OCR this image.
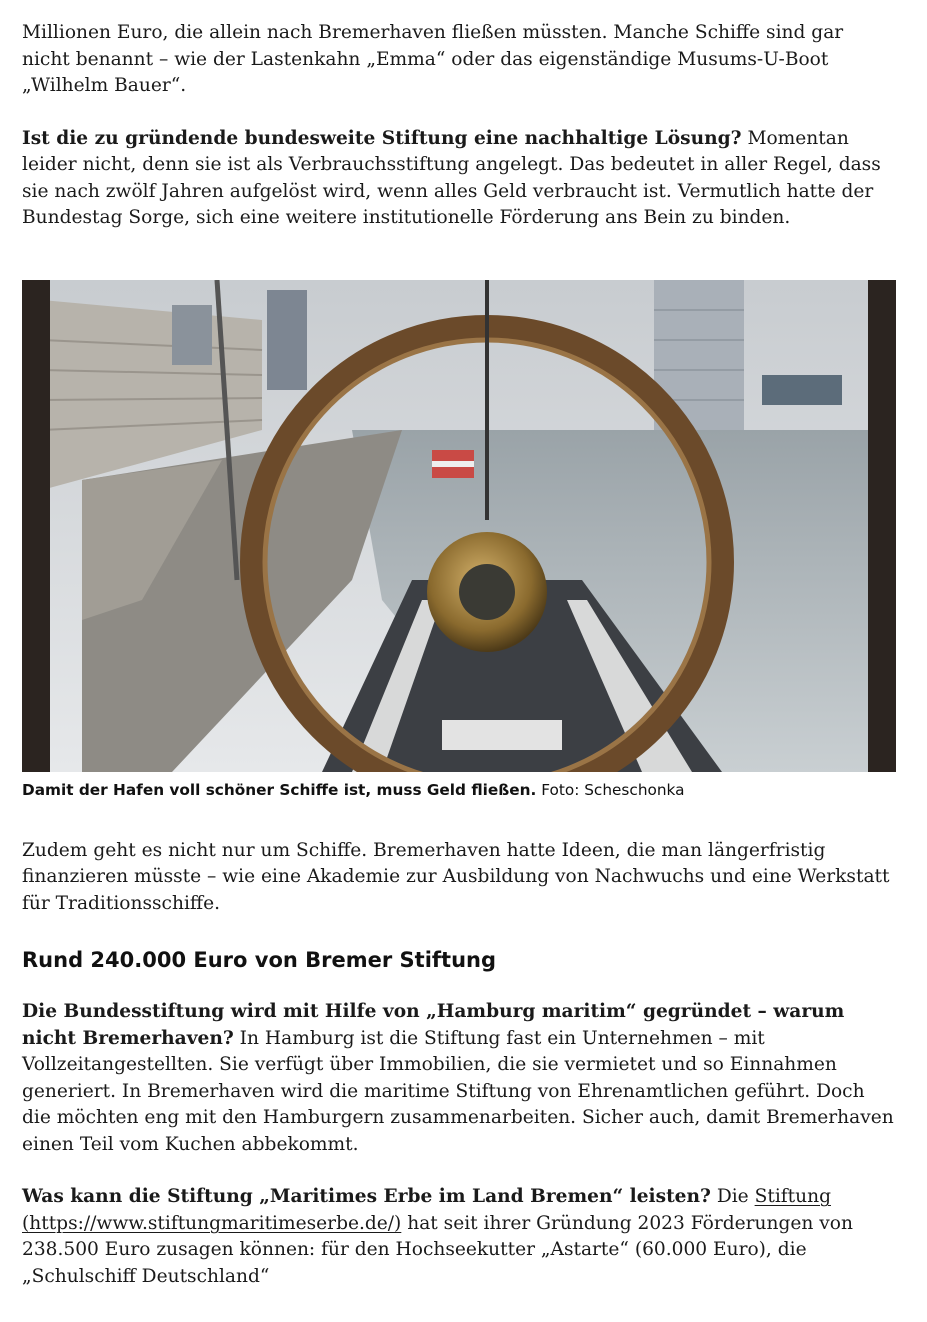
Millionen Euro, die allein nach Bremerhaven fließen müssten. Manche Schiffe sind gar nicht benannt – wie der Lastenkahn „Emma“ oder das eigenständige Musums-U-Boot „Wilhelm Bauer“.

Ist die zu gründende bundesweite Stiftung eine nachhaltige Lösung? Momentan leider nicht, denn sie ist als Verbrauchsstiftung angelegt. Das bedeutet in aller Regel, dass sie nach zwölf Jahren aufgelöst wird, wenn alles Geld verbraucht ist. Vermutlich hatte der Bundestag Sorge, sich eine weitere institutionelle Förderung ans Bein zu binden.

Damit der Hafen voll schöner Schiffe ist, muss Geld fließen. Foto: Scheschonka

Zudem geht es nicht nur um Schiffe. Bremerhaven hatte Ideen, die man längerfristig finanzieren müsste – wie eine Akademie zur Ausbildung von Nachwuchs und eine Werkstatt für Traditionsschiffe.

Rund 240.000 Euro von Bremer Stiftung

Die Bundesstiftung wird mit Hilfe von „Hamburg maritim“ gegründet – warum nicht Bremerhaven? In Hamburg ist die Stiftung fast ein Unternehmen – mit Vollzeitangestellten. Sie verfügt über Immobilien, die sie vermietet und so Einnahmen generiert. In Bremerhaven wird die maritime Stiftung von Ehrenamtlichen geführt. Doch die möchten eng mit den Hamburgern zusammenarbeiten. Sicher auch, damit Bremerhaven einen Teil vom Kuchen abbekommt.

Was kann die Stiftung „Maritimes Erbe im Land Bremen“ leisten? Die Stiftung (https://www.stiftungmaritimeserbe.de/) hat seit ihrer Gründung 2023 Förderungen von 238.500 Euro zusagen können: für den Hochseekutter „Astarte“ (60.000 Euro), die „Schulschiff Deutschland“
